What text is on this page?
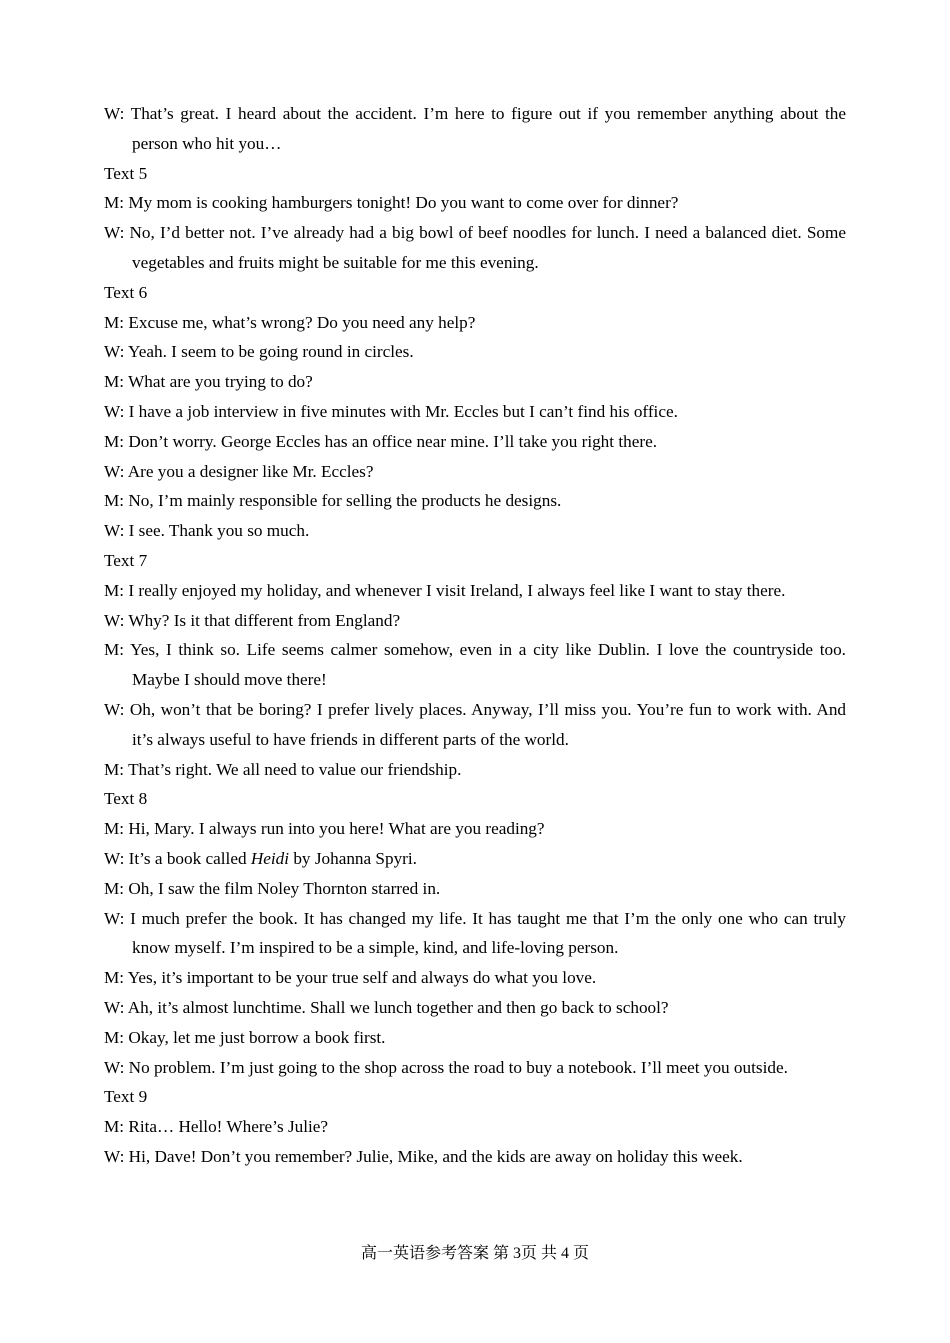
W: That’s great. I heard about the accident. I’m here to figure out if you remember anything about the person who hit you…

Text 5

M: My mom is cooking hamburgers tonight! Do you want to come over for dinner?

W: No, I’d better not. I’ve already had a big bowl of beef noodles for lunch. I need a balanced diet. Some vegetables and fruits might be suitable for me this evening.

Text 6

M: Excuse me, what’s wrong? Do you need any help?

W: Yeah. I seem to be going round in circles.

M: What are you trying to do?

W: I have a job interview in five minutes with Mr. Eccles but I can’t find his office.

M: Don’t worry. George Eccles has an office near mine. I’ll take you right there.

W: Are you a designer like Mr. Eccles?

M: No, I’m mainly responsible for selling the products he designs.

W: I see. Thank you so much.

Text 7

M: I really enjoyed my holiday, and whenever I visit Ireland, I always feel like I want to stay there.

W: Why? Is it that different from England?

M: Yes, I think so. Life seems calmer somehow, even in a city like Dublin. I love the countryside too. Maybe I should move there!

W: Oh, won’t that be boring? I prefer lively places. Anyway, I’ll miss you. You’re fun to work with. And it’s always useful to have friends in different parts of the world.

M: That’s right. We all need to value our friendship.

Text 8

M: Hi, Mary. I always run into you here! What are you reading?

W: It’s a book called Heidi by Johanna Spyri.

M: Oh, I saw the film Noley Thornton starred in.

W: I much prefer the book. It has changed my life. It has taught me that I’m the only one who can truly know myself. I’m inspired to be a simple, kind, and life-loving person.

M: Yes, it’s important to be your true self and always do what you love.

W: Ah, it’s almost lunchtime. Shall we lunch together and then go back to school?

M: Okay, let me just borrow a book first.

W: No problem. I’m just going to the shop across the road to buy a notebook. I’ll meet you outside.

Text 9

M: Rita… Hello! Where’s Julie?

W: Hi, Dave! Don’t you remember? Julie, Mike, and the kids are away on holiday this week.

高一英语参考答案 第 3页 共 4 页
